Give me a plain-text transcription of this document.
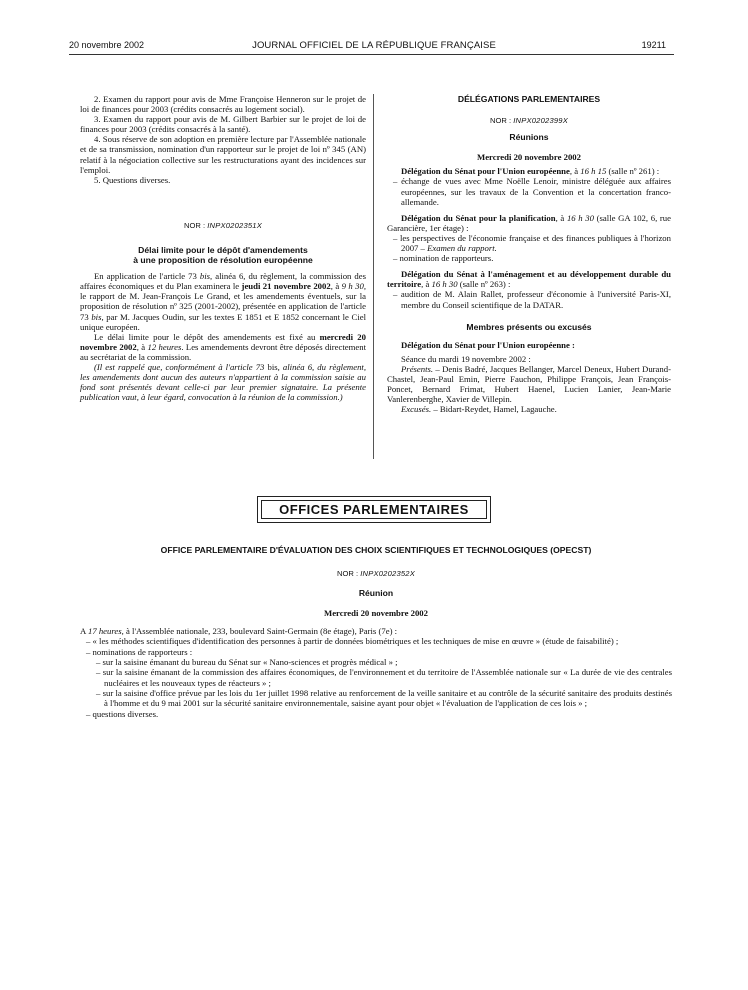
20 novembre 2002	JOURNAL OFFICIEL DE LA RÉPUBLIQUE FRANÇAISE	19211

2. Examen du rapport pour avis de Mme Françoise Henneron sur le projet de loi de finances pour 2003 (crédits consacrés au logement social).

3. Examen du rapport pour avis de M. Gilbert Barbier sur le projet de loi de finances pour 2003 (crédits consacrés à la santé).

4. Sous réserve de son adoption en première lecture par l'Assemblée nationale et de sa transmission, nomination d'un rapporteur sur le projet de loi nº 345 (AN) relatif à la négociation collective sur les restructurations ayant des incidences sur l'emploi.

5. Questions diverses.

NOR : INPX0202351X

Délai limite pour le dépôt d'amendements
à une proposition de résolution européenne

En application de l'article 73 bis, alinéa 6, du règlement, la commission des affaires économiques et du Plan examinera le jeudi 21 novembre 2002, à 9 h 30, le rapport de M. Jean-François Le Grand, et les amendements éventuels, sur la proposition de résolution nº 325 (2001-2002), présentée en application de l'article 73 bis, par M. Jacques Oudin, sur les textes E 1851 et E 1852 concernant le Ciel unique européen.

Le délai limite pour le dépôt des amendements est fixé au mercredi 20 novembre 2002, à 12 heures. Les amendements devront être déposés directement au secrétariat de la commission.

(Il est rappelé que, conformément à l'article 73 bis, alinéa 6, du règlement, les amendements dont aucun des auteurs n'appartient à la commission saisie au fond sont présentés devant celle-ci par leur premier signataire. La présente publication vaut, à leur égard, convocation à la réunion de la commission.)

DÉLÉGATIONS PARLEMENTAIRES

NOR : INPX0202399X

Réunions

Mercredi 20 novembre 2002

Délégation du Sénat pour l'Union européenne, à 16 h 15 (salle nº 261) :

– échange de vues avec Mme Noëlle Lenoir, ministre déléguée aux affaires européennes, sur les travaux de la Convention et la concertation franco-allemande.

Délégation du Sénat pour la planification, à 16 h 30 (salle GA 102, 6, rue Garancière, 1er étage) :

– les perspectives de l'économie française et des finances publiques à l'horizon 2007 – Examen du rapport.

– nomination de rapporteurs.

Délégation du Sénat à l'aménagement et au développement durable du territoire, à 16 h 30 (salle nº 263) :

– audition de M. Alain Rallet, professeur d'économie à l'université Paris-XI, membre du Conseil scientifique de la DATAR.

Membres présents ou excusés

Délégation du Sénat pour l'Union européenne :

Séance du mardi 19 novembre 2002 :

Présents. – Denis Badré, Jacques Bellanger, Marcel Deneux, Hubert Durand-Chastel, Jean-Paul Emin, Pierre Fauchon, Philippe François, Jean François-Poncet, Bernard Frimat, Hubert Haenel, Lucien Lanier, Jean-Marie Vanlerenberghe, Xavier de Villepin.

Excusés. – Bidart-Reydet, Hamel, Lagauche.

OFFICES PARLEMENTAIRES

OFFICE PARLEMENTAIRE D'ÉVALUATION DES CHOIX SCIENTIFIQUES ET TECHNOLOGIQUES (OPECST)

NOR : INPX0202352X

Réunion

Mercredi 20 novembre 2002

A 17 heures, à l'Assemblée nationale, 233, boulevard Saint-Germain (8e étage), Paris (7e) :

– « les méthodes scientifiques d'identification des personnes à partir de données biométriques et les techniques de mise en œuvre » (étude de faisabilité) ;

– nominations de rapporteurs :

– sur la saisine émanant du bureau du Sénat sur « Nano-sciences et progrès médical » ;

– sur la saisine émanant de la commission des affaires économiques, de l'environnement et du territoire de l'Assemblée nationale sur « La durée de vie des centrales nucléaires et les nouveaux types de réacteurs » ;

– sur la saisine d'office prévue par les lois du 1er juillet 1998 relative au renforcement de la veille sanitaire et au contrôle de la sécurité sanitaire des produits destinés à l'homme et du 9 mai 2001 sur la sécurité sanitaire environnementale, saisine ayant pour objet « l'évaluation de l'application de ces lois » ;

– questions diverses.
